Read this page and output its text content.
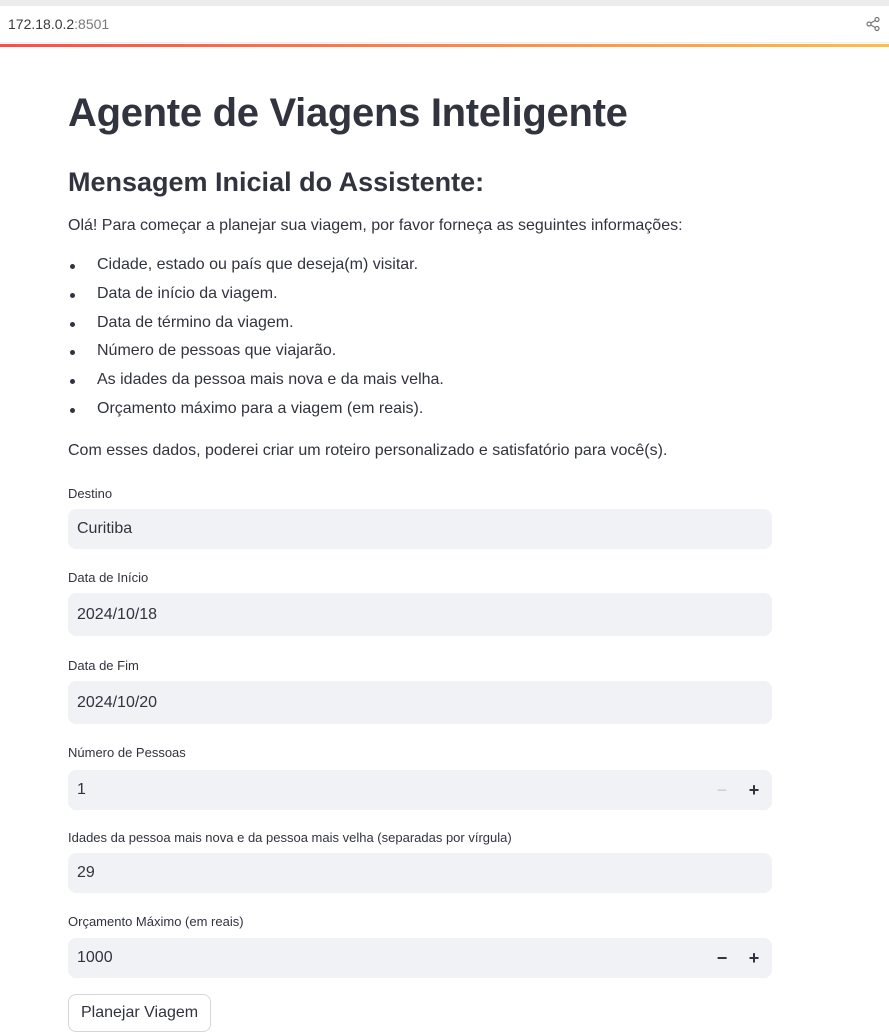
172.18.0.2:8501
Agente de Viagens Inteligente
Mensagem Inicial do Assistente:

Olá! Para começar a planejar sua viagem, por favor forneça as seguintes informações:

Cidade, estado ou país que deseja(m) visitar.
Data de início da viagem.
Data de término da viagem.
Número de pessoas que viajarão.
As idades da pessoa mais nova e da mais velha.
Orçamento máximo para a viagem (em reais).

Com esses dados, poderei criar um roteiro personalizado e satisfatório para você(s).

Destino
Curitiba
Data de Início
2024/10/18
Data de Fim
2024/10/20
Número de Pessoas
1	−	+
Idades da pessoa mais nova e da pessoa mais velha (separadas por vírgula)
29
Orçamento Máximo (em reais)
1000	−	+
Planejar Viagem
